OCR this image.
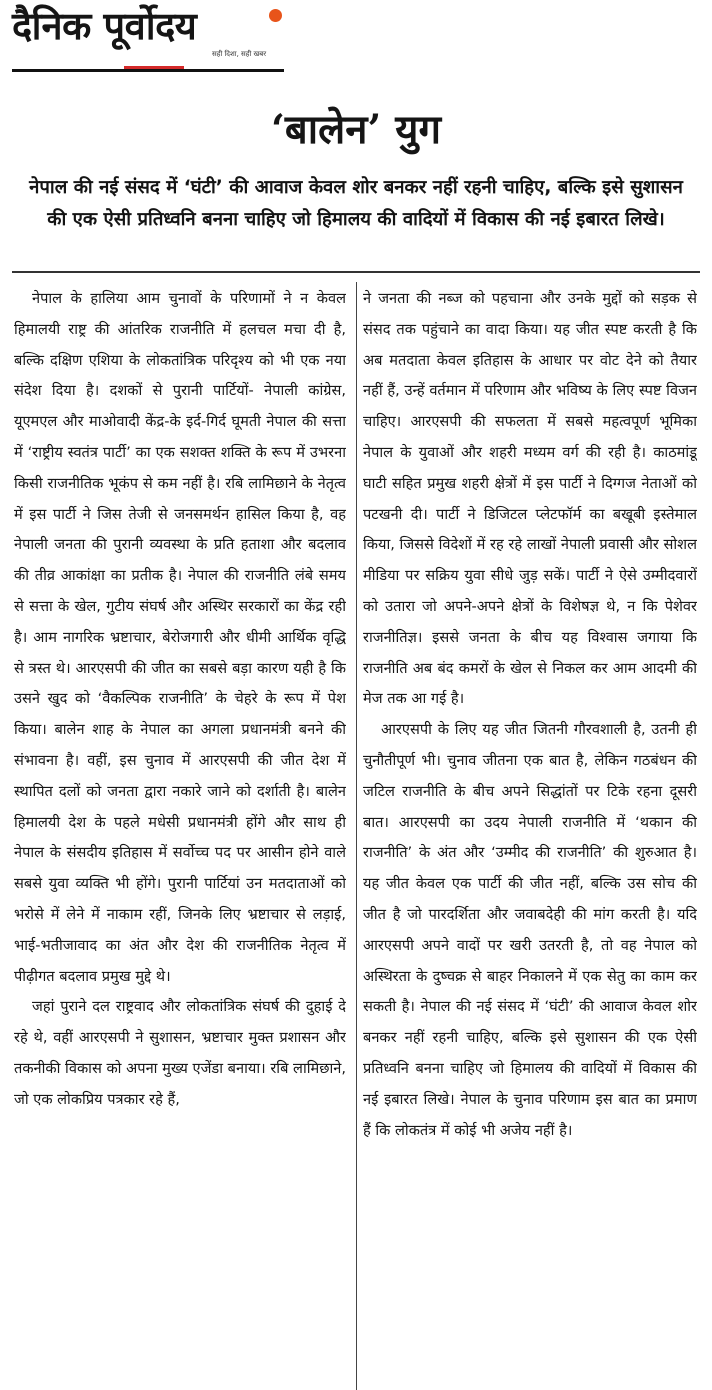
दैनिक पूर्वोदय
सही दिशा, सही खबर
‘बालेन’ युग

नेपाल की नई संसद में ‘घंटी’ की आवाज केवल शोर बनकर नहीं रहनी चाहिए, बल्कि इसे सुशासन की एक ऐसी प्रतिध्वनि बनना चाहिए जो हिमालय की वादियों में विकास की नई इबारत लिखे।

नेपाल के हालिया आम चुनावों के परिणामों ने न केवल हिमालयी राष्ट्र की आंतरिक राजनीति में हलचल मचा दी है, बल्कि दक्षिण एशिया के लोकतांत्रिक परिदृश्य को भी एक नया संदेश दिया है। दशकों से पुरानी पार्टियों- नेपाली कांग्रेस, यूएमएल और माओवादी केंद्र-के इर्द-गिर्द घूमती नेपाल की सत्ता में ‘राष्ट्रीय स्वतंत्र पार्टी’ का एक सशक्त शक्ति के रूप में उभरना किसी राजनीतिक भूकंप से कम नहीं है। रबि लामिछाने के नेतृत्व में इस पार्टी ने जिस तेजी से जनसमर्थन हासिल किया है, वह नेपाली जनता की पुरानी व्यवस्था के प्रति हताशा और बदलाव की तीव्र आकांक्षा का प्रतीक है। नेपाल की राजनीति लंबे समय से सत्ता के खेल, गुटीय संघर्ष और अस्थिर सरकारों का केंद्र रही है। आम नागरिक भ्रष्टाचार, बेरोजगारी और धीमी आर्थिक वृद्धि से त्रस्त थे। आरएसपी की जीत का सबसे बड़ा कारण यही है कि उसने खुद को ‘वैकल्पिक राजनीति’ के चेहरे के रूप में पेश किया। बालेन शाह के नेपाल का अगला प्रधानमंत्री बनने की संभावना है। वहीं, इस चुनाव में आरएसपी की जीत देश में स्थापित दलों को जनता द्वारा नकारे जाने को दर्शाती है। बालेन हिमालयी देश के पहले मधेसी प्रधानमंत्री होंगे और साथ ही नेपाल के संसदीय इतिहास में सर्वोच्च पद पर आसीन होने वाले सबसे युवा व्यक्ति भी होंगे। पुरानी पार्टियां उन मतदाताओं को भरोसे में लेने में नाकाम रहीं, जिनके लिए भ्रष्टाचार से लड़ाई, भाई-भतीजावाद का अंत और देश की राजनीतिक नेतृत्व में पीढ़ीगत बदलाव प्रमुख मुद्दे थे।

जहां पुराने दल राष्ट्रवाद और लोकतांत्रिक संघर्ष की दुहाई दे रहे थे, वहीं आरएसपी ने सुशासन, भ्रष्टाचार मुक्त प्रशासन और तकनीकी विकास को अपना मुख्य एजेंडा बनाया। रबि लामिछाने, जो एक लोकप्रिय पत्रकार रहे हैं,

ने जनता की नब्ज को पहचाना और उनके मुद्दों को सड़क से संसद तक पहुंचाने का वादा किया। यह जीत स्पष्ट करती है कि अब मतदाता केवल इतिहास के आधार पर वोट देने को तैयार नहीं हैं, उन्हें वर्तमान में परिणाम और भविष्य के लिए स्पष्ट विजन चाहिए। आरएसपी की सफलता में सबसे महत्वपूर्ण भूमिका नेपाल के युवाओं और शहरी मध्यम वर्ग की रही है। काठमांडू घाटी सहित प्रमुख शहरी क्षेत्रों में इस पार्टी ने दिग्गज नेताओं को पटखनी दी। पार्टी ने डिजिटल प्लेटफॉर्म का बखूबी इस्तेमाल किया, जिससे विदेशों में रह रहे लाखों नेपाली प्रवासी और सोशल मीडिया पर सक्रिय युवा सीधे जुड़ सकें। पार्टी ने ऐसे उम्मीदवारों को उतारा जो अपने-अपने क्षेत्रों के विशेषज्ञ थे, न कि पेशेवर राजनीतिज्ञ। इससे जनता के बीच यह विश्वास जगाया कि राजनीति अब बंद कमरों के खेल से निकल कर आम आदमी की मेज तक आ गई है।

आरएसपी के लिए यह जीत जितनी गौरवशाली है, उतनी ही चुनौतीपूर्ण भी। चुनाव जीतना एक बात है, लेकिन गठबंधन की जटिल राजनीति के बीच अपने सिद्धांतों पर टिके रहना दूसरी बात। आरएसपी का उदय नेपाली राजनीति में ‘थकान की राजनीति’ के अंत और ‘उम्मीद की राजनीति’ की शुरुआत है। यह जीत केवल एक पार्टी की जीत नहीं, बल्कि उस सोच की जीत है जो पारदर्शिता और जवाबदेही की मांग करती है। यदि आरएसपी अपने वादों पर खरी उतरती है, तो वह नेपाल को अस्थिरता के दुष्चक्र से बाहर निकालने में एक सेतु का काम कर सकती है। नेपाल की नई संसद में ‘घंटी’ की आवाज केवल शोर बनकर नहीं रहनी चाहिए, बल्कि इसे सुशासन की एक ऐसी प्रतिध्वनि बनना चाहिए जो हिमालय की वादियों में विकास की नई इबारत लिखे। नेपाल के चुनाव परिणाम इस बात का प्रमाण हैं कि लोकतंत्र में कोई भी अजेय नहीं है।
